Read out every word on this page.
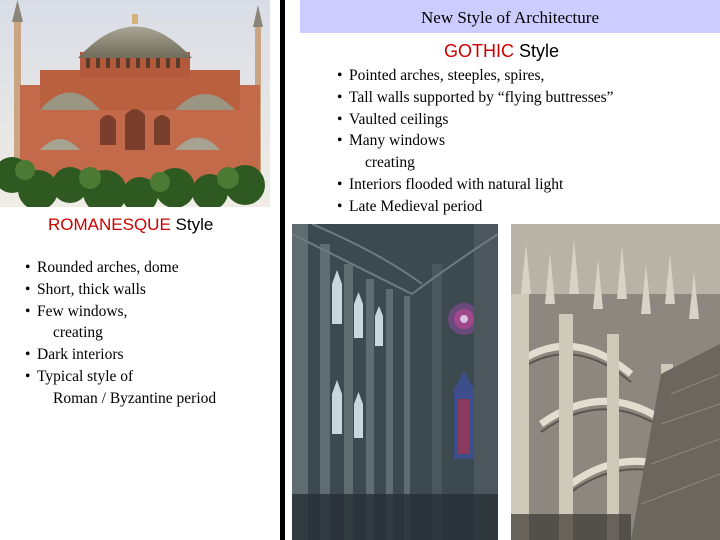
New Style of Architecture
GOTHIC Style
• Pointed arches, steeples, spires,
• Tall walls supported by “flying buttresses”
• Vaulted ceilings
• Many windows
creating
• Interiors flooded with natural light
• Late Medieval period
ROMANESQUE Style
• Rounded arches, dome
• Short, thick walls
• Few windows,
creating
• Dark interiors
• Typical style of
Roman / Byzantine period
